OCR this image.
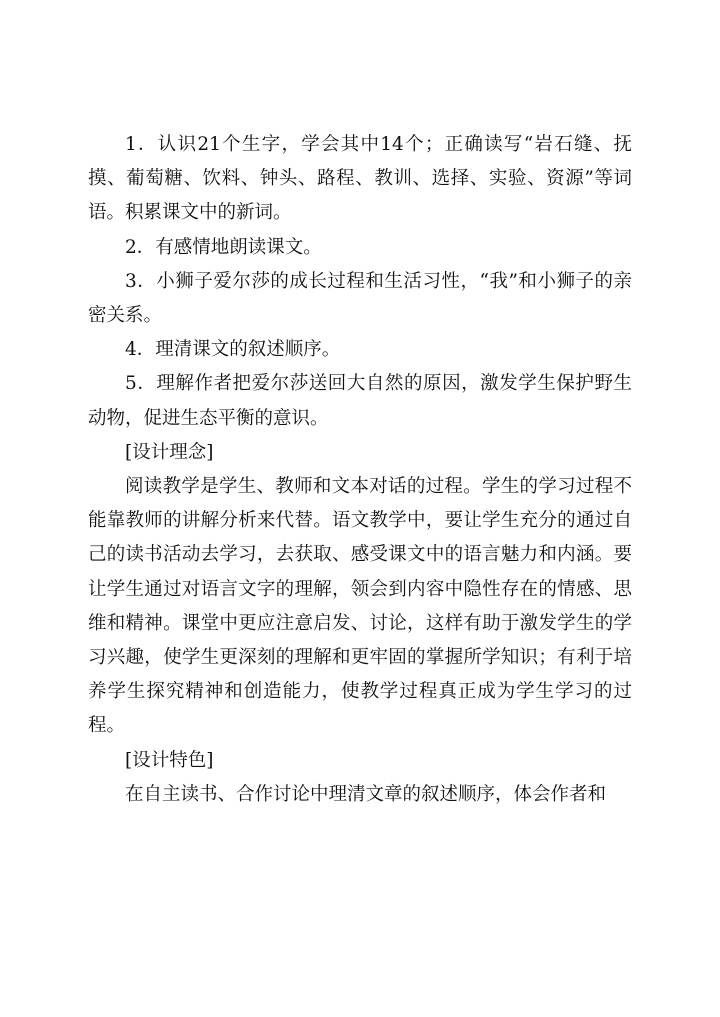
1．认识21个生字，学会其中14个；正确读写“岩石缝、抚摸、葡萄糖、饮料、钟头、路程、教训、选择、实验、资源”等词语。积累课文中的新词。

2．有感情地朗读课文。

3．小狮子爱尔莎的成长过程和生活习性，“我”和小狮子的亲密关系。

4．理清课文的叙述顺序。

5．理解作者把爱尔莎送回大自然的原因，激发学生保护野生动物，促进生态平衡的意识。

[设计理念]

阅读教学是学生、教师和文本对话的过程。学生的学习过程不能靠教师的讲解分析来代替。语文教学中，要让学生充分的通过自己的读书活动去学习，去获取、感受课文中的语言魅力和内涵。要让学生通过对语言文字的理解，领会到内容中隐性存在的情感、思维和精神。课堂中更应注意启发、讨论，这样有助于激发学生的学习兴趣，使学生更深刻的理解和更牢固的掌握所学知识；有利于培养学生探究精神和创造能力，使教学过程真正成为学生学习的过程。

[设计特色]

在自主读书、合作讨论中理清文章的叙述顺序，体会作者和
